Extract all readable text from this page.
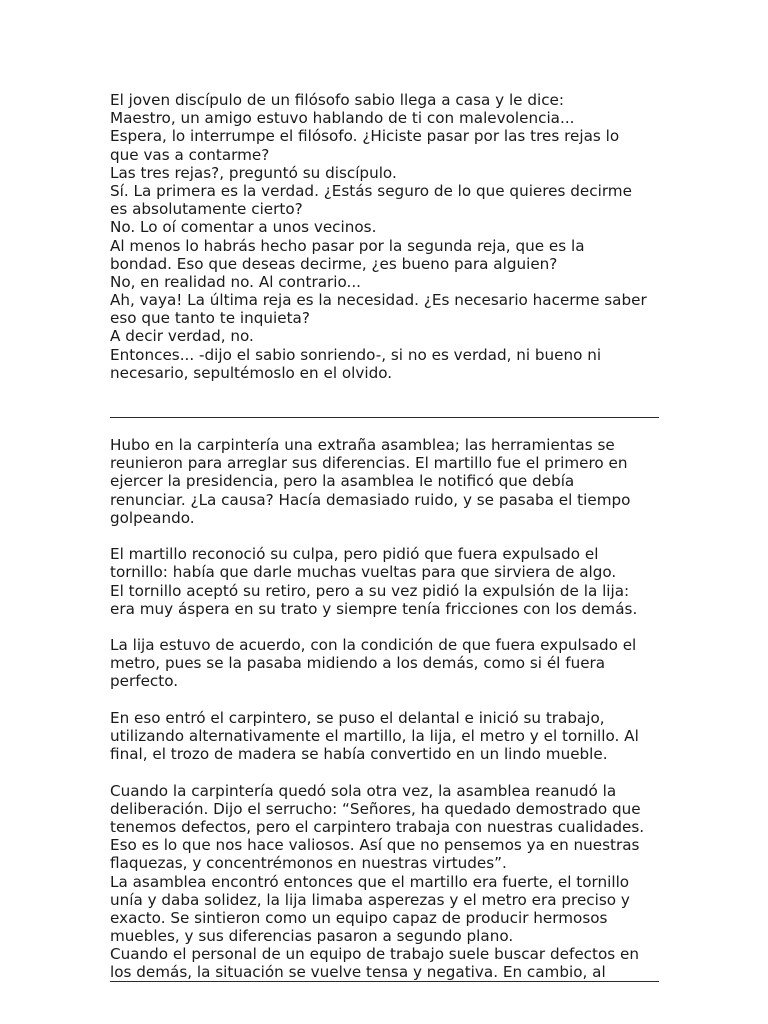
El joven discípulo de un filósofo sabio llega a casa y le dice:
Maestro, un amigo estuvo hablando de ti con malevolencia...
Espera, lo interrumpe el filósofo. ¿Hiciste pasar por las tres rejas lo
que vas a contarme?
Las tres rejas?, preguntó su discípulo.
Sí. La primera es la verdad. ¿Estás seguro de lo que quieres decirme
es absolutamente cierto?
No. Lo oí comentar a unos vecinos.
Al menos lo habrás hecho pasar por la segunda reja, que es la
bondad. Eso que deseas decirme, ¿es bueno para alguien?
No, en realidad no. Al contrario...
Ah, vaya! La última reja es la necesidad. ¿Es necesario hacerme saber
eso que tanto te inquieta?
A decir verdad, no.
Entonces... -dijo el sabio sonriendo-, si no es verdad, ni bueno ni
necesario, sepultémoslo en el olvido.
Hubo en la carpintería una extraña asamblea; las herramientas se
reunieron para arreglar sus diferencias. El martillo fue el primero en
ejercer la presidencia, pero la asamblea le notificó que debía
renunciar. ¿La causa? Hacía demasiado ruido, y se pasaba el tiempo
golpeando.
El martillo reconoció su culpa, pero pidió que fuera expulsado el
tornillo: había que darle muchas vueltas para que sirviera de algo.
El tornillo aceptó su retiro, pero a su vez pidió la expulsión de la lija:
era muy áspera en su trato y siempre tenía fricciones con los demás.
La lija estuvo de acuerdo, con la condición de que fuera expulsado el
metro, pues se la pasaba midiendo a los demás, como si él fuera
perfecto.
En eso entró el carpintero, se puso el delantal e inició su trabajo,
utilizando alternativamente el martillo, la lija, el metro y el tornillo. Al
final, el trozo de madera se había convertido en un lindo mueble.
Cuando la carpintería quedó sola otra vez, la asamblea reanudó la
deliberación. Dijo el serrucho: “Señores, ha quedado demostrado que
tenemos defectos, pero el carpintero trabaja con nuestras cualidades.
Eso es lo que nos hace valiosos. Así que no pensemos ya en nuestras
flaquezas, y concentrémonos en nuestras virtudes”.
La asamblea encontró entonces que el martillo era fuerte, el tornillo
unía y daba solidez, la lija limaba asperezas y el metro era preciso y
exacto. Se sintieron como un equipo capaz de producir hermosos
muebles, y sus diferencias pasaron a segundo plano.
Cuando el personal de un equipo de trabajo suele buscar defectos en
los demás, la situación se vuelve tensa y negativa. En cambio, al
